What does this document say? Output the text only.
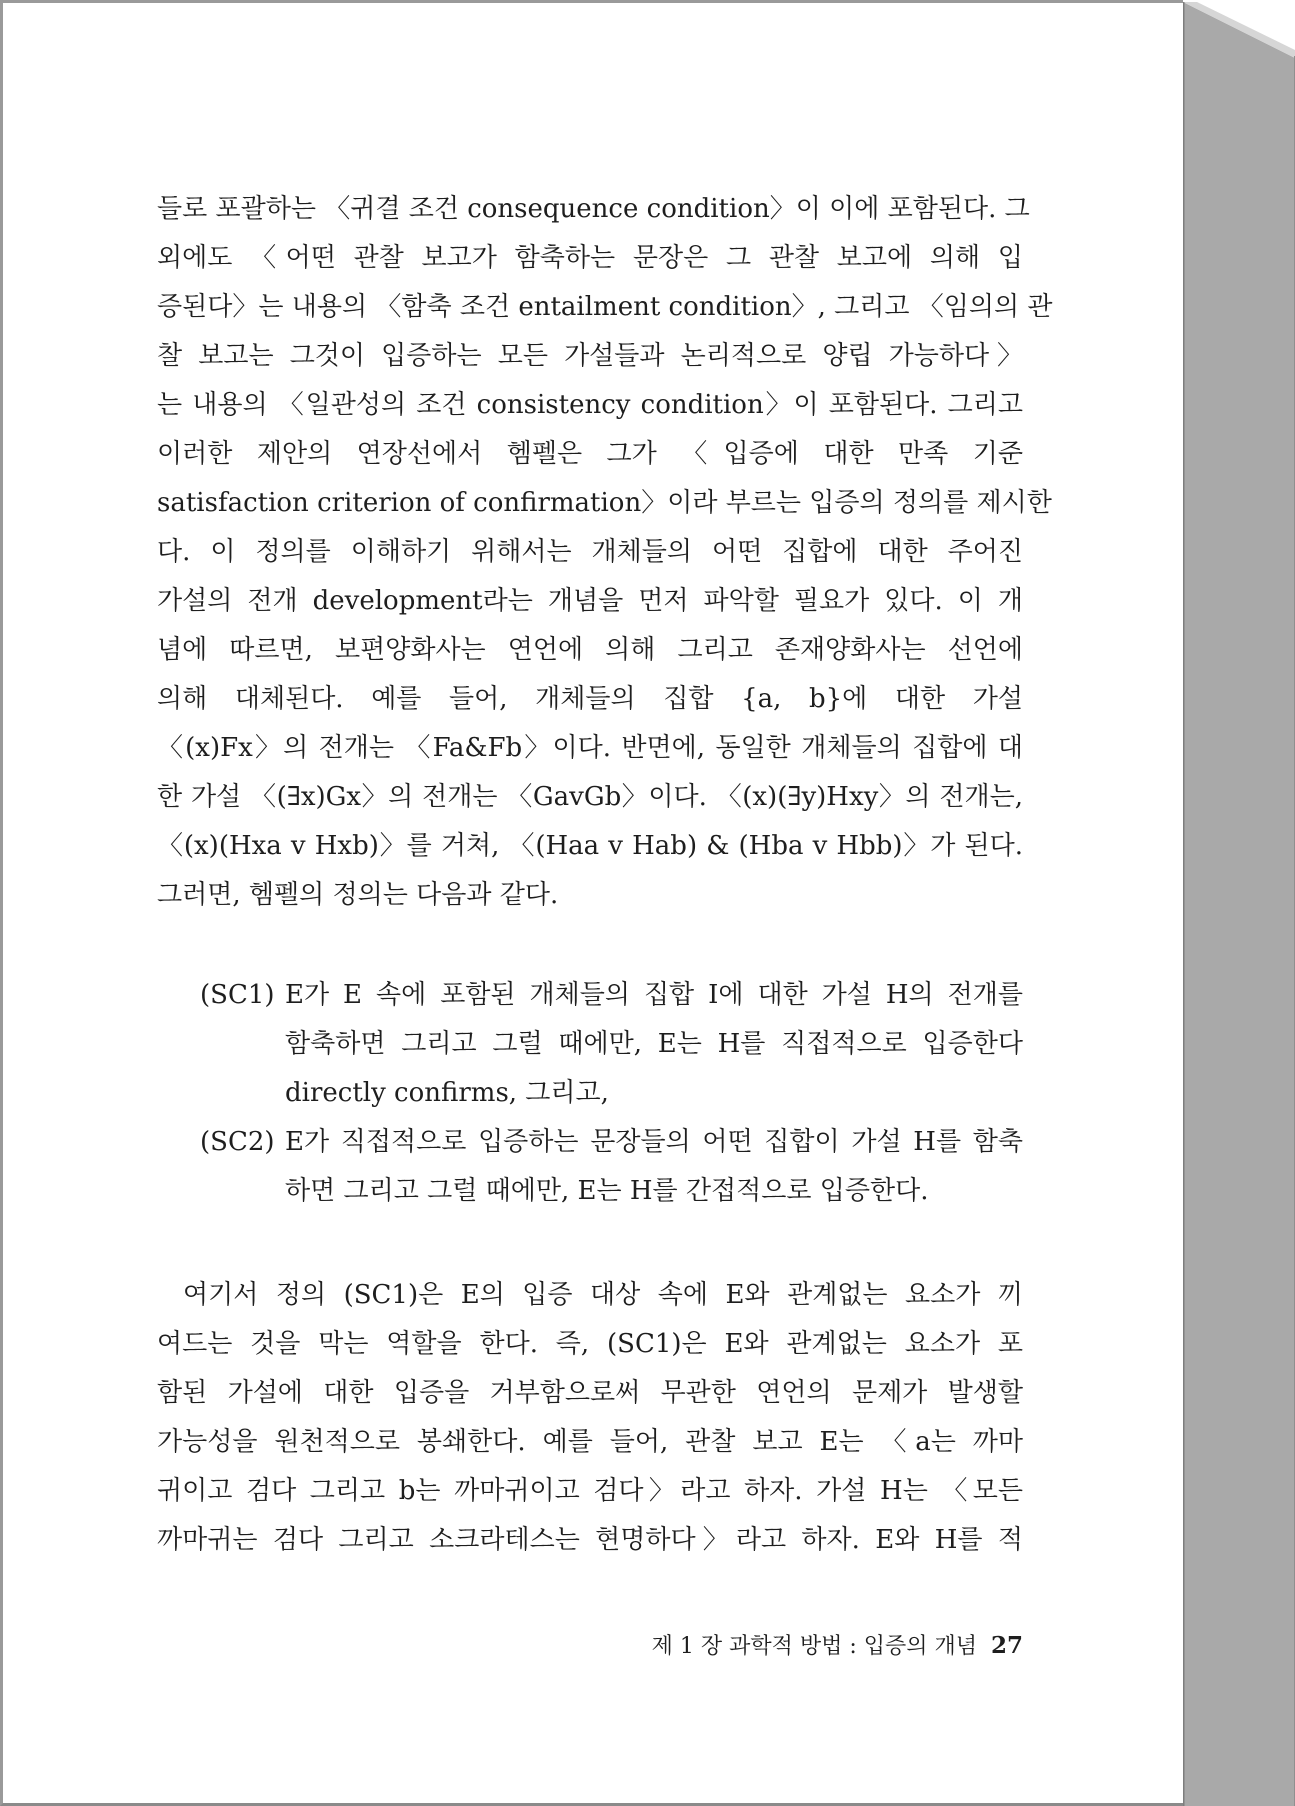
들로 포괄하는 〈귀결 조건 consequence condition〉이 이에 포함된다. 그
외에도 〈어떤 관찰 보고가 함축하는 문장은 그 관찰 보고에 의해 입
증된다〉는 내용의 〈함축 조건 entailment condition〉, 그리고 〈임의의 관
찰 보고는 그것이 입증하는 모든 가설들과 논리적으로 양립 가능하다〉
는 내용의 〈일관성의 조건 consistency condition〉이 포함된다. 그리고
이러한 제안의 연장선에서 헴펠은 그가 〈입증에 대한 만족 기준
satisfaction criterion of confirmation〉이라 부르는 입증의 정의를 제시한
다. 이 정의를 이해하기 위해서는 개체들의 어떤 집합에 대한 주어진
가설의 전개 development라는 개념을 먼저 파악할 필요가 있다. 이 개
념에 따르면, 보편양화사는 연언에 의해 그리고 존재양화사는 선언에
의해 대체된다. 예를 들어, 개체들의 집합 {a, b}에 대한 가설
〈(x)Fx〉의 전개는 〈Fa&Fb〉이다. 반면에, 동일한 개체들의 집합에 대
한 가설 〈(∃x)Gx〉의 전개는 〈GavGb〉이다. 〈(x)(∃y)Hxy〉의 전개는,
〈(x)(Hxa v Hxb)〉를 거쳐, 〈(Haa v Hab) & (Hba v Hbb)〉가 된다.
그러면, 헴펠의 정의는 다음과 같다.
(SC1) E가 E 속에 포함된 개체들의 집합 I에 대한 가설 H의 전개를
함축하면 그리고 그럴 때에만, E는 H를 직접적으로 입증한다
directly confirms, 그리고,
(SC2) E가 직접적으로 입증하는 문장들의 어떤 집합이 가설 H를 함축
하면 그리고 그럴 때에만, E는 H를 간접적으로 입증한다.
여기서 정의 (SC1)은 E의 입증 대상 속에 E와 관계없는 요소가 끼
여드는 것을 막는 역할을 한다. 즉, (SC1)은 E와 관계없는 요소가 포
함된 가설에 대한 입증을 거부함으로써 무관한 연언의 문제가 발생할
가능성을 원천적으로 봉쇄한다. 예를 들어, 관찰 보고 E는 〈a는 까마
귀이고 검다 그리고 b는 까마귀이고 검다〉라고 하자. 가설 H는 〈모든
까마귀는 검다 그리고 소크라테스는 현명하다〉라고 하자. E와 H를 적
제 1 장 과학적 방법 : 입증의 개념 27
